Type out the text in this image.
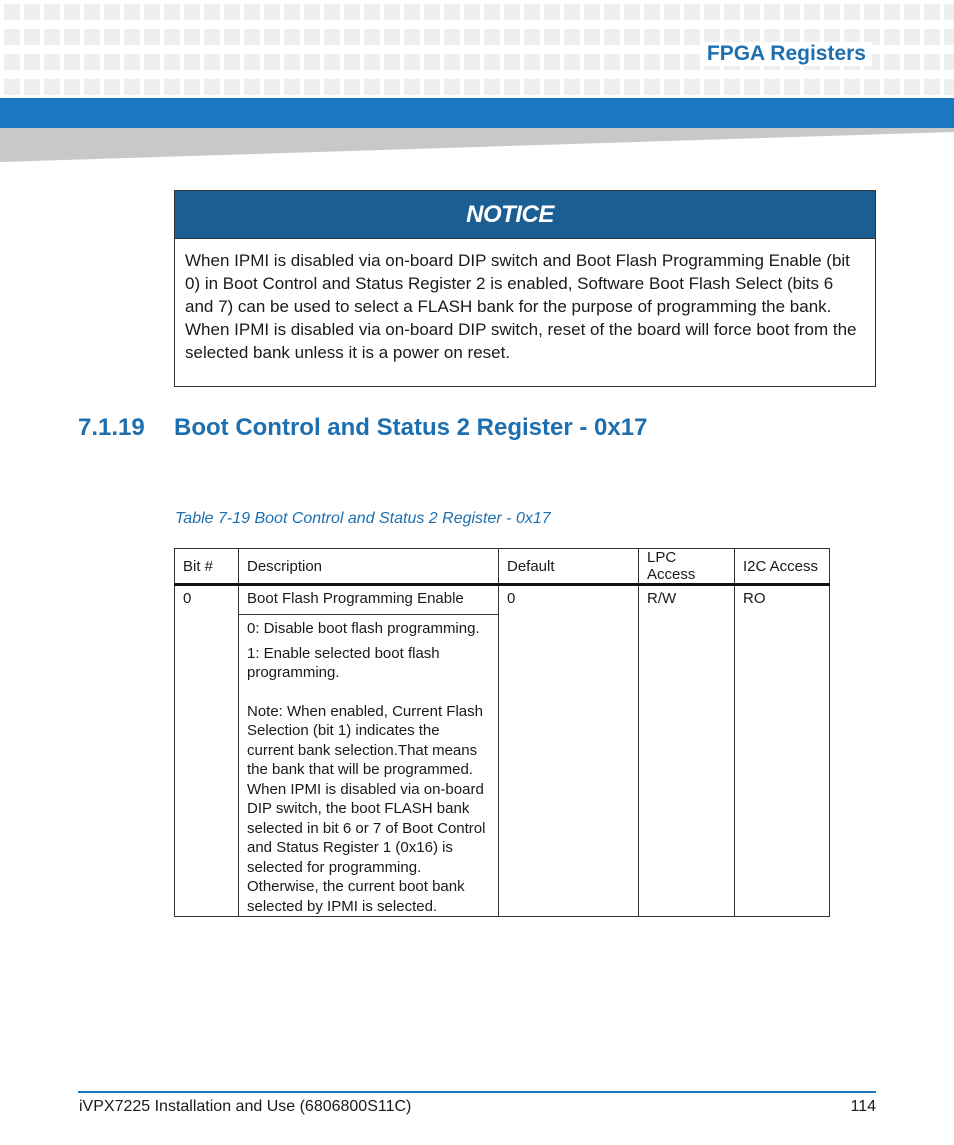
FPGA Registers
NOTICE
When IPMI is disabled via on-board DIP switch and Boot Flash Programming Enable (bit 0) in Boot Control and Status Register 2 is enabled, Software Boot Flash Select (bits 6 and 7) can be used to select a FLASH bank for the purpose of programming the bank. When IPMI is disabled via on-board DIP switch, reset of the board will force boot from the selected bank unless it is a power on reset.
7.1.19 Boot Control and Status 2 Register - 0x17
Table 7-19 Boot Control and Status 2 Register - 0x17
Bit #	Description	Default	LPC Access	I2C Access
0	Boot Flash Programming Enable	0	R/W	RO

	0: Disable boot flash programming.

1: Enable selected boot flash programming.

Note: When enabled, Current Flash Selection (bit 1) indicates the current bank selection.That means the bank that will be programmed. When IPMI is disabled via on-board DIP switch, the boot FLASH bank selected in bit 6 or 7 of Boot Control and Status Register 1 (0x16) is selected for programming. Otherwise, the current boot bank selected by IPMI is selected.			

iVPX7225 Installation and Use (6806800S11C)	114
